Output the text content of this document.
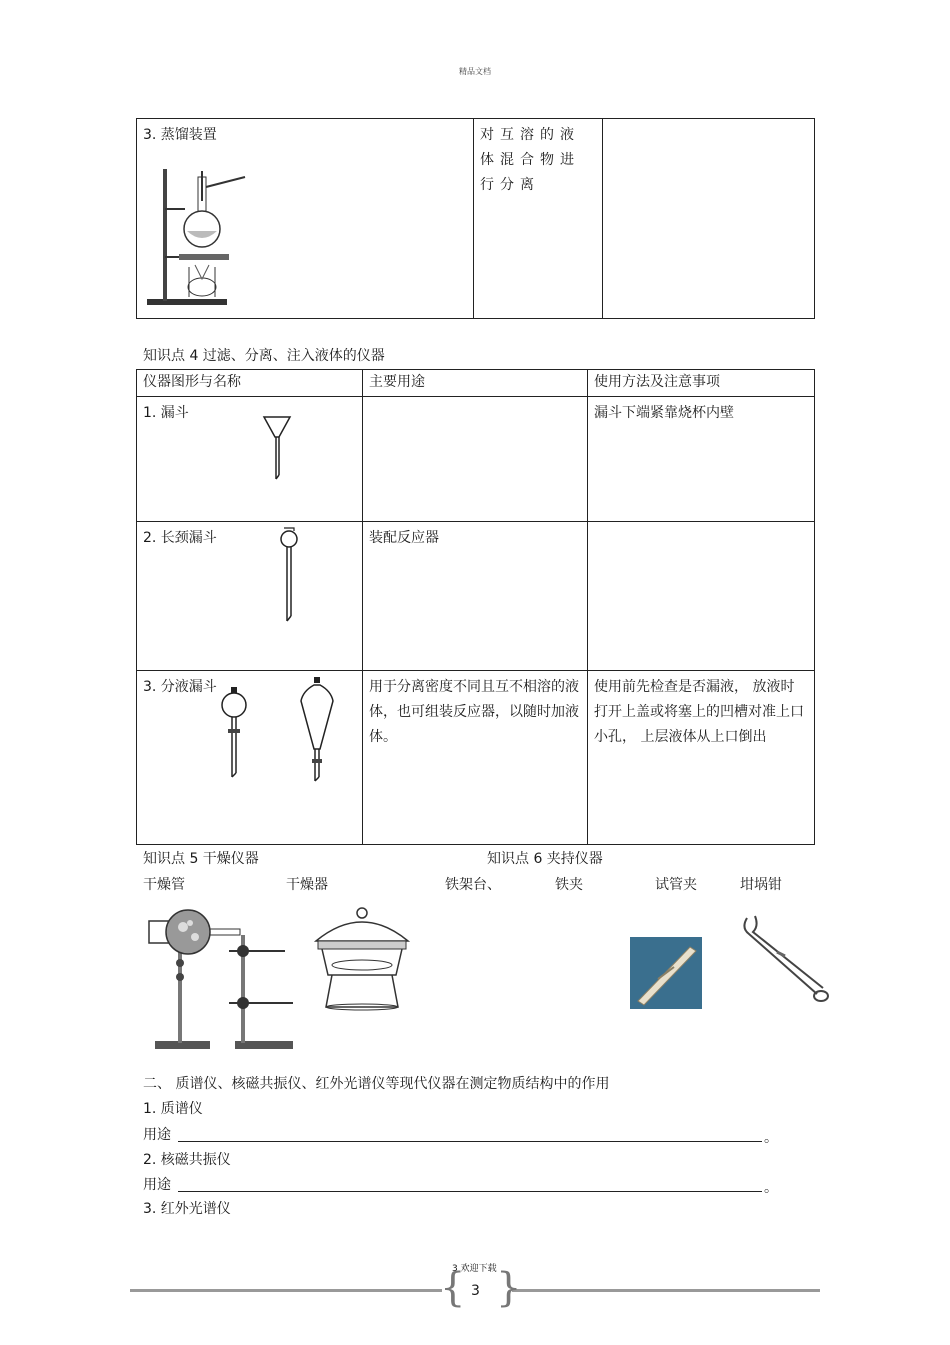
精品文档
3. 蒸馏装置	对互溶的液体混合物进行分离	
知识点 4 过滤、分离、注入液体的仪器
仪器图形与名称	主要用途	使用方法及注意事项

1. 漏斗		漏斗下端紧靠烧杯内壁

2. 长颈漏斗	装配反应器	

3. 分液漏斗	用于分离密度不同且互不相溶的液体，也可组装反应器，以随时加液体。	使用前先检查是否漏液， 放液时打开上盖或将塞上的凹槽对准上口小孔， 上层液体从上口倒出
知识点 5 干燥仪器	知识点 6 夹持仪器
干燥管	干燥器	铁架台、	铁夹	试管夹	坩埚钳
二、 质谱仪、核磁共振仪、红外光谱仪等现代仪器在测定物质结构中的作用
1. 质谱仪
用途	。
2. 核磁共振仪
用途	。
3. 红外光谱仪
3 欢迎下载
{ }
3
